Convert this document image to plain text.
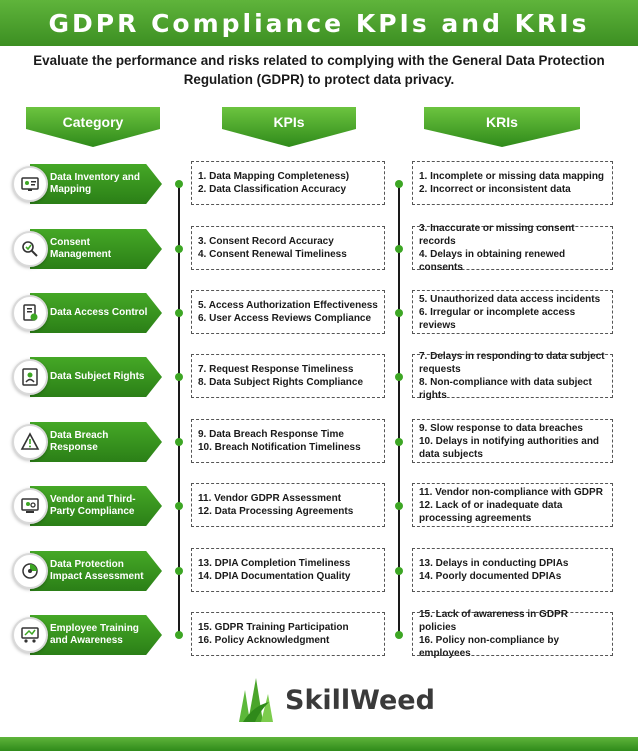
GDPR Compliance KPIs and KRIs
Evaluate the performance and risks related to complying with the General Data Protection Regulation (GDPR) to protect data privacy.
Category	KPIs	KRIs
Data Inventory and Mapping
1. Data Mapping Completeness)
2. Data Classification Accuracy
1. Incomplete or missing data mapping
2. Incorrect or inconsistent data
Consent Management
3. Consent Record Accuracy
4. Consent Renewal Timeliness
3. Inaccurate or missing consent records
4. Delays in obtaining renewed consents
Data Access Control
5. Access Authorization Effectiveness
6. User Access Reviews Compliance
5. Unauthorized data access incidents
6. Irregular or incomplete access reviews
Data Subject Rights
7. Request Response Timeliness
8. Data Subject Rights Compliance
7. Delays in responding to data subject requests
8. Non-compliance with data subject rights
Data Breach Response
9. Data Breach Response Time
10. Breach Notification Timeliness
9. Slow response to data breaches
10. Delays in notifying authorities and data subjects
Vendor and Third-Party Compliance
11. Vendor GDPR Assessment
12. Data Processing Agreements
11. Vendor non-compliance with GDPR
12. Lack of or inadequate data processing agreements
Data Protection Impact Assessment
13. DPIA Completion Timeliness
14. DPIA Documentation Quality
13. Delays in conducting DPIAs
14. Poorly documented DPIAs
Employee Training and Awareness
15. GDPR Training Participation
16. Policy Acknowledgment
15. Lack of awareness in GDPR policies
16. Policy non-compliance by employees
SkillWeed
